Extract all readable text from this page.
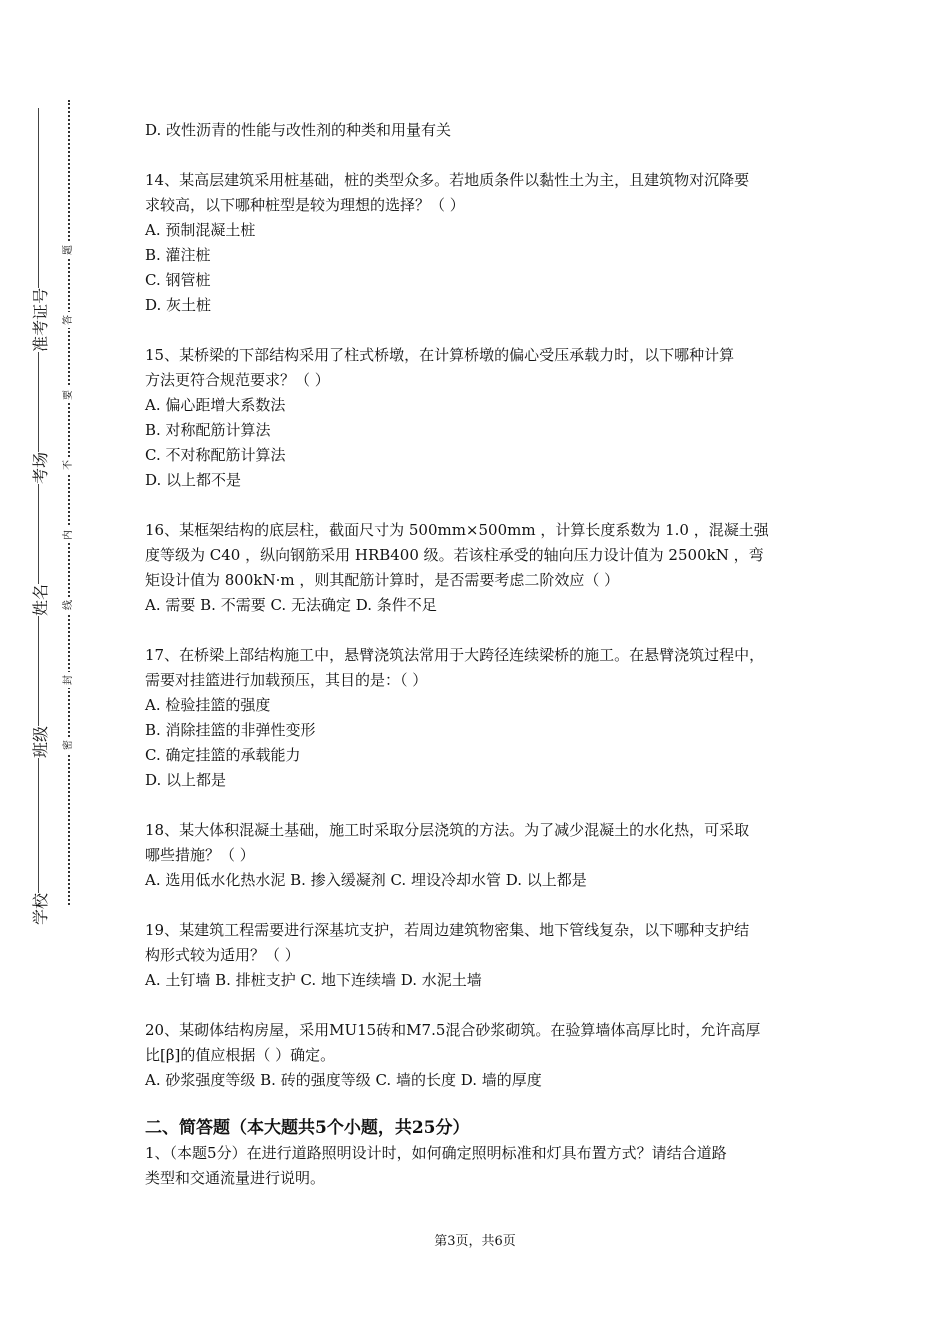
学校
班级
姓名
考场
准考证号
密
封
线
内
不
要
答
题
D. 改性沥青的性能与改性剂的种类和用量有关
14、某高层建筑采用桩基础，桩的类型众多。若地质条件以黏性土为主，且建筑物对沉降要
求较高，以下哪种桩型是较为理想的选择？（ ）
A. 预制混凝土桩
B. 灌注桩
C. 钢管桩
D. 灰土桩
15、某桥梁的下部结构采用了柱式桥墩，在计算桥墩的偏心受压承载力时，以下哪种计算
方法更符合规范要求？（ ）
A. 偏心距增大系数法
B. 对称配筋计算法
C. 不对称配筋计算法
D. 以上都不是
16、某框架结构的底层柱，截面尺寸为 500mm×500mm ，计算长度系数为 1.0 ，混凝土强
度等级为 C40 ，纵向钢筋采用 HRB400 级。若该柱承受的轴向压力设计值为 2500kN ，弯
矩设计值为 800kN·m ，则其配筋计算时，是否需要考虑二阶效应（ ）
A. 需要 B. 不需要 C. 无法确定 D. 条件不足
17、在桥梁上部结构施工中，悬臂浇筑法常用于大跨径连续梁桥的施工。在悬臂浇筑过程中，
需要对挂篮进行加载预压，其目的是：（ ）
A. 检验挂篮的强度
B. 消除挂篮的非弹性变形
C. 确定挂篮的承载能力
D. 以上都是
18、某大体积混凝土基础，施工时采取分层浇筑的方法。为了减少混凝土的水化热，可采取
哪些措施？（ ）
A. 选用低水化热水泥 B. 掺入缓凝剂 C. 埋设冷却水管 D. 以上都是
19、某建筑工程需要进行深基坑支护，若周边建筑物密集、地下管线复杂，以下哪种支护结
构形式较为适用？（ ）
A. 土钉墙 B. 排桩支护 C. 地下连续墙 D. 水泥土墙
20、某砌体结构房屋，采用MU15砖和M7.5混合砂浆砌筑。在验算墙体高厚比时，允许高厚
比[β]的值应根据（ ）确定。
A. 砂浆强度等级 B. 砖的强度等级 C. 墙的长度 D. 墙的厚度
二、简答题（本大题共5个小题，共25分）
1、（本题5分）在进行道路照明设计时，如何确定照明标准和灯具布置方式？请结合道路
类型和交通流量进行说明。
第3页，共6页
